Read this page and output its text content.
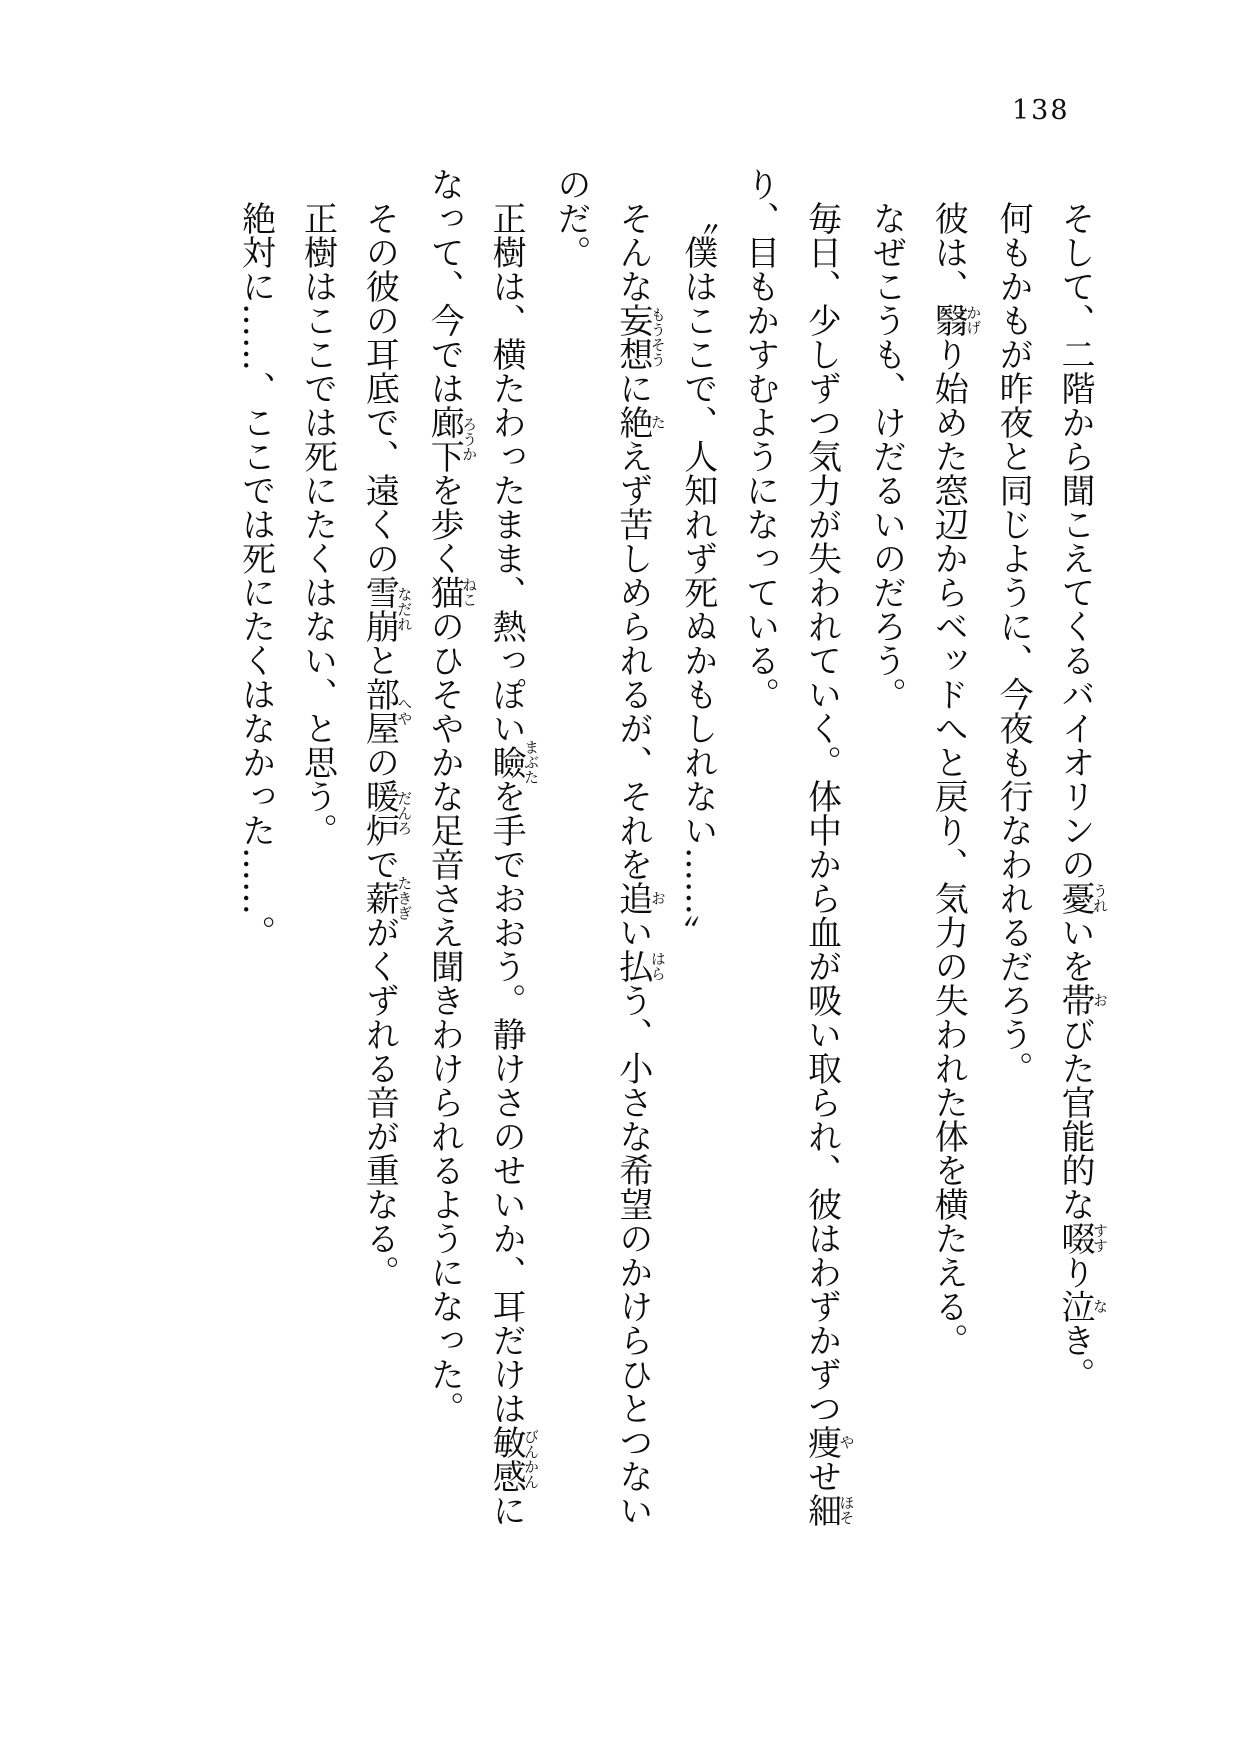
138

そして、二階から聞こえてくるバイオリンの憂うれいを帯おびた官能的な啜すすり泣なき。

何もかもが昨夜と同じように、今夜も行なわれるだろう。

彼は、翳かげり始めた窓辺からベッドへと戻り、気力の失われた体を横たえる。

なぜこうも、けだるいのだろう。

毎日、少しずつ気力が失われていく。体中から血が吸い取られ、彼はわずかずつ痩やせ細ほそり、目もかすむようになっている。

〝僕はここで、人知れず死ぬかもしれない……〟

そんな妄想もうそうに絶たえず苦しめられるが、それを追おい払はらう、小さな希望のかけらひとつないのだ。

正樹は、横たわったまま、熱っぽい瞼まぶたを手でおおう。静けさのせいか、耳だけは敏感びんかんになって、今では廊下ろうかを歩く猫ねこのひそやかな足音さえ聞きわけられるようになった。

その彼の耳底で、遠くの雪崩なだれと部屋へやの暖炉だんろで薪たきぎがくずれる音が重なる。

正樹はここでは死にたくはない、と思う。

絶対に……、ここでは死にたくはなかった……。
